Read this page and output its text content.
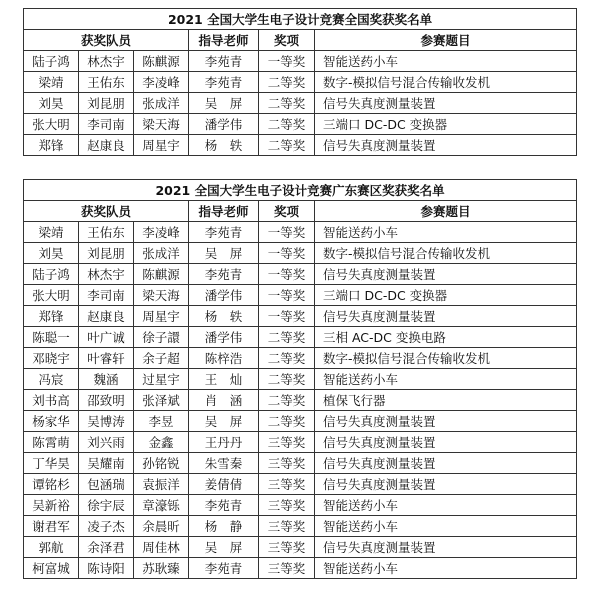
2021 全国大学生电子设计竞赛全国奖获奖名单					
获奖队员			指导老师	奖项	参赛题目
陆子鸿	林杰宇	陈麒源	李苑青	一等奖	智能送药小车
梁靖	王佑东	李凌峰	李苑青	二等奖	数字-模拟信号混合传输收发机
刘昊	刘昆朋	张成洋	吴　屏	二等奖	信号失真度测量装置
张大明	李司南	梁天海	潘学伟	二等奖	三端口 DC-DC 变换器
郑锋	赵康良	周星宇	杨　轶	二等奖	信号失真度测量装置
2021 全国大学生电子设计竞赛广东赛区奖获奖名单					
获奖队员			指导老师	奖项	参赛题目
梁靖	王佑东	李凌峰	李苑青	一等奖	智能送药小车
刘昊	刘昆朋	张成洋	吴　屏	一等奖	数字-模拟信号混合传输收发机
陆子鸿	林杰宇	陈麒源	李苑青	一等奖	信号失真度测量装置
张大明	李司南	梁天海	潘学伟	一等奖	三端口 DC-DC 变换器
郑锋	赵康良	周星宇	杨　轶	一等奖	信号失真度测量装置
陈聪一	叶广诚	徐子譞	潘学伟	二等奖	三相 AC-DC 变换电路
邓晓宇	叶睿轩	余子超	陈梓浩	二等奖	数字-模拟信号混合传输收发机
冯宸	魏涵	过星宇	王　灿	二等奖	智能送药小车
刘书高	邵致明	张泽斌	肖　涵	二等奖	植保飞行器
杨家华	吴博涛	李昱	吴　屏	二等奖	信号失真度测量装置
陈霄萌	刘兴雨	金鑫	王丹丹	三等奖	信号失真度测量装置
丁华昊	吴耀南	孙铭锐	朱雪秦	三等奖	信号失真度测量装置
谭铭杉	包涵瑞	袁振洋	姜倩倩	三等奖	信号失真度测量装置
吴新裕	徐宇辰	章濠铄	李苑青	三等奖	智能送药小车
谢君军	凌子杰	余晨昕	杨　静	三等奖	智能送药小车
郭航	余泽君	周佳林	吴　屏	三等奖	信号失真度测量装置
柯富城	陈诗阳	苏耿臻	李苑青	三等奖	智能送药小车
